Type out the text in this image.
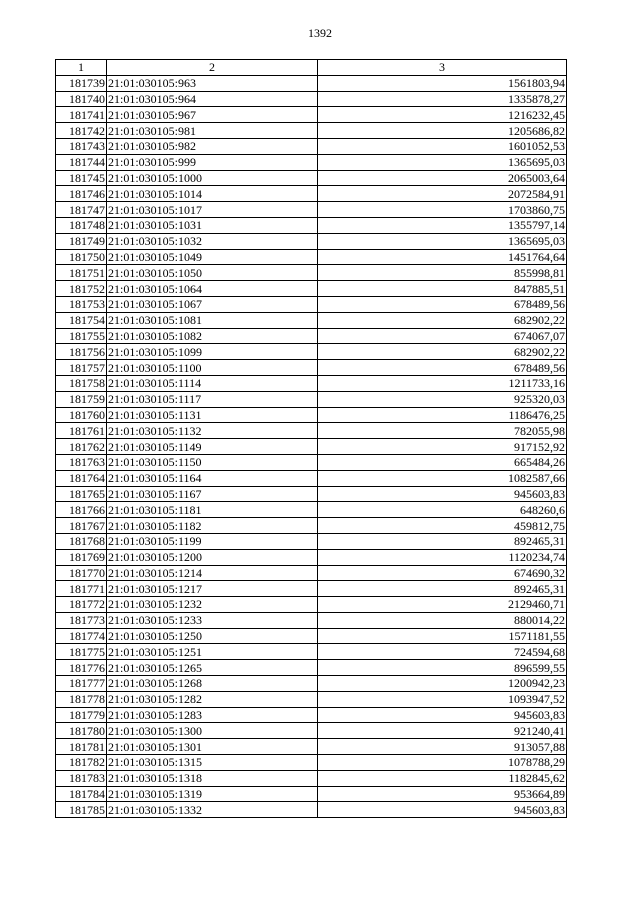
1392
1	2	3
181739	21:01:030105:963	1561803,94
181740	21:01:030105:964	1335878,27
181741	21:01:030105:967	1216232,45
181742	21:01:030105:981	1205686,82
181743	21:01:030105:982	1601052,53
181744	21:01:030105:999	1365695,03
181745	21:01:030105:1000	2065003,64
181746	21:01:030105:1014	2072584,91
181747	21:01:030105:1017	1703860,75
181748	21:01:030105:1031	1355797,14
181749	21:01:030105:1032	1365695,03
181750	21:01:030105:1049	1451764,64
181751	21:01:030105:1050	855998,81
181752	21:01:030105:1064	847885,51
181753	21:01:030105:1067	678489,56
181754	21:01:030105:1081	682902,22
181755	21:01:030105:1082	674067,07
181756	21:01:030105:1099	682902,22
181757	21:01:030105:1100	678489,56
181758	21:01:030105:1114	1211733,16
181759	21:01:030105:1117	925320,03
181760	21:01:030105:1131	1186476,25
181761	21:01:030105:1132	782055,98
181762	21:01:030105:1149	917152,92
181763	21:01:030105:1150	665484,26
181764	21:01:030105:1164	1082587,66
181765	21:01:030105:1167	945603,83
181766	21:01:030105:1181	648260,6
181767	21:01:030105:1182	459812,75
181768	21:01:030105:1199	892465,31
181769	21:01:030105:1200	1120234,74
181770	21:01:030105:1214	674690,32
181771	21:01:030105:1217	892465,31
181772	21:01:030105:1232	2129460,71
181773	21:01:030105:1233	880014,22
181774	21:01:030105:1250	1571181,55
181775	21:01:030105:1251	724594,68
181776	21:01:030105:1265	896599,55
181777	21:01:030105:1268	1200942,23
181778	21:01:030105:1282	1093947,52
181779	21:01:030105:1283	945603,83
181780	21:01:030105:1300	921240,41
181781	21:01:030105:1301	913057,88
181782	21:01:030105:1315	1078788,29
181783	21:01:030105:1318	1182845,62
181784	21:01:030105:1319	953664,89
181785	21:01:030105:1332	945603,83
